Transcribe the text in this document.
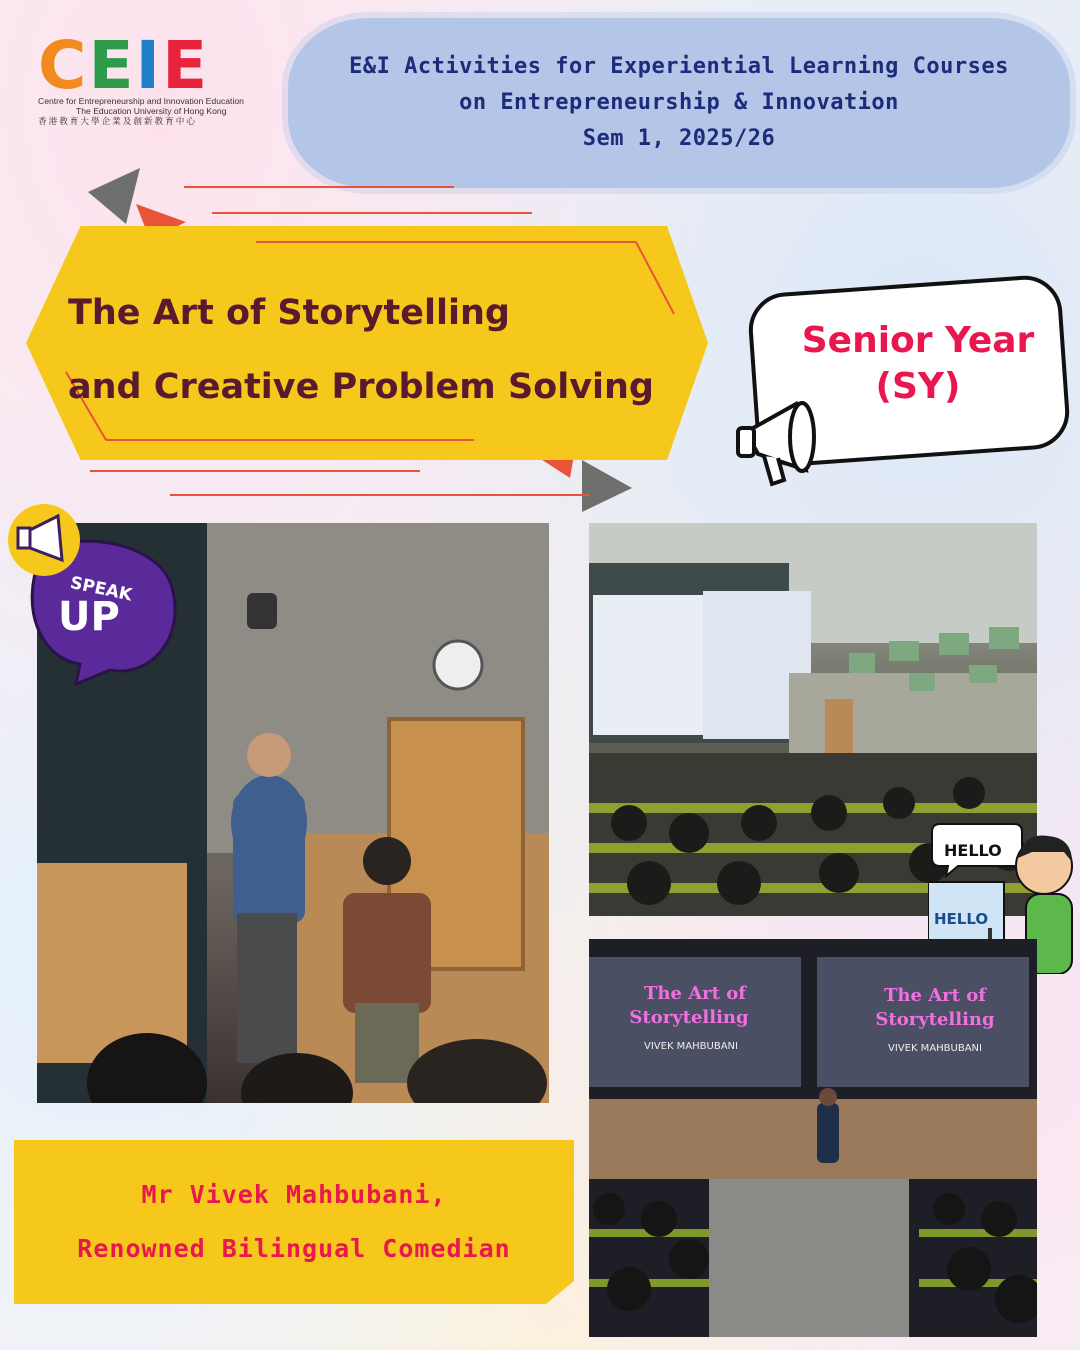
CEIE
Centre for Entrepreneurship and Innovation Education
The Education University of Hong Kong
香港教育大學企業及創新教育中心
E&I Activities for Experiential Learning Courses
on Entrepreneurship & Innovation
Sem 1, 2025/26
The Art of Storytelling
and Creative Problem Solving
Senior Year
(SY)
SPEAK
UP
HELLO
HELLO
The Art of
Storytelling
VIVEK MAHBUBANI
The Art of
Storytelling
VIVEK MAHBUBANI
Mr Vivek Mahbubani,
Renowned Bilingual Comedian
